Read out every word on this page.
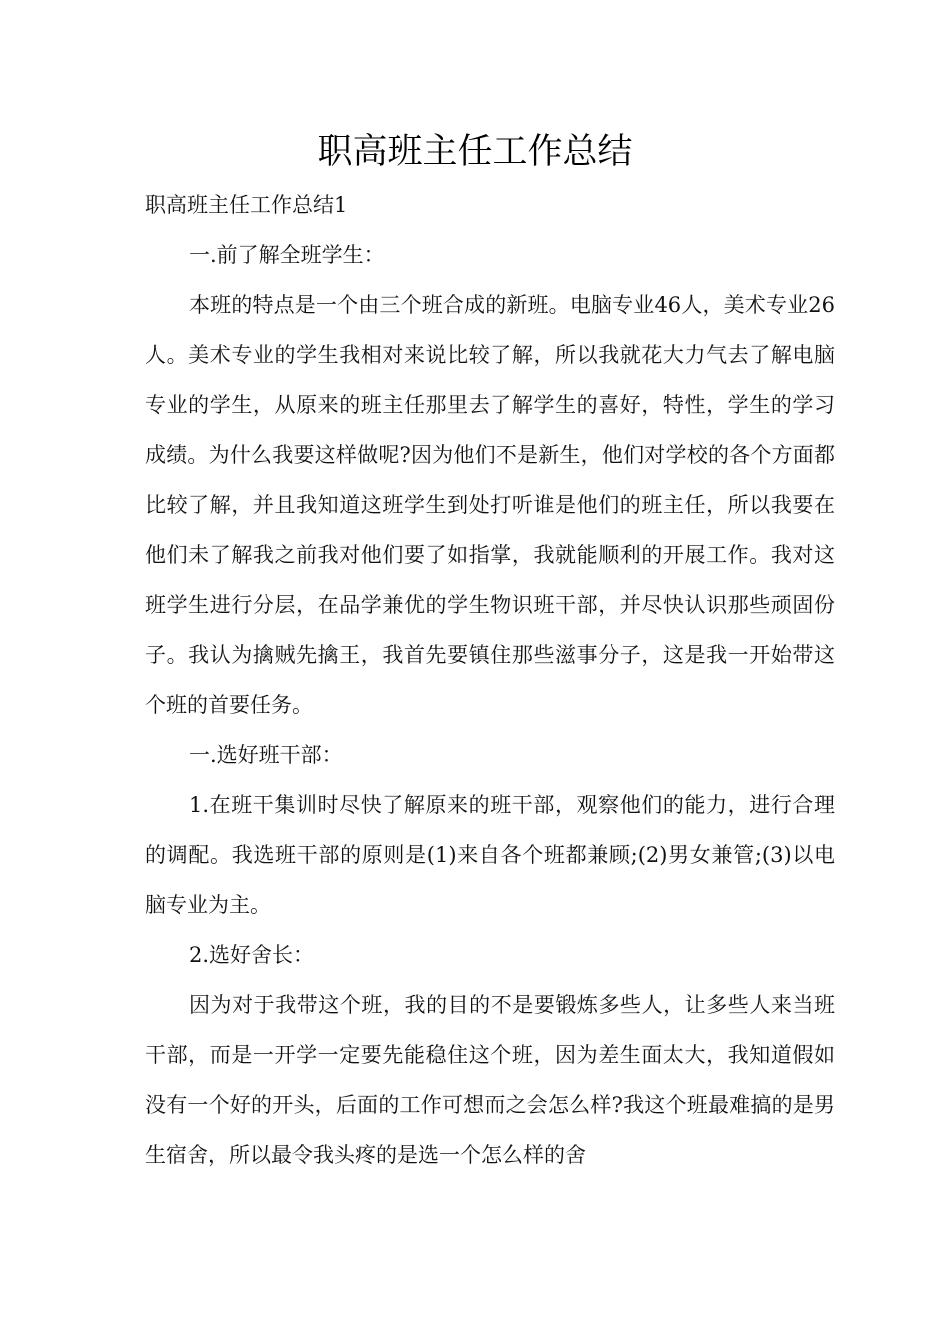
职高班主任工作总结

职高班主任工作总结1

一.前了解全班学生：

本班的特点是一个由三个班合成的新班。电脑专业46人，美术专业26人。美术专业的学生我相对来说比较了解，所以我就花大力气去了解电脑专业的学生，从原来的班主任那里去了解学生的喜好，特性，学生的学习成绩。为什么我要这样做呢?因为他们不是新生，他们对学校的各个方面都比较了解，并且我知道这班学生到处打听谁是他们的班主任，所以我要在他们未了解我之前我对他们要了如指掌，我就能顺利的开展工作。我对这班学生进行分层，在品学兼优的学生物识班干部，并尽快认识那些顽固份子。我认为擒贼先擒王，我首先要镇住那些滋事分子，这是我一开始带这个班的首要任务。

一.选好班干部：

1.在班干集训时尽快了解原来的班干部，观察他们的能力，进行合理的调配。我选班干部的原则是(1)来自各个班都兼顾;(2)男女兼管;(3)以电脑专业为主。

2.选好舍长：

因为对于我带这个班，我的目的不是要锻炼多些人，让多些人来当班干部，而是一开学一定要先能稳住这个班，因为差生面太大，我知道假如没有一个好的开头，后面的工作可想而之会怎么样?我这个班最难搞的是男生宿舍，所以最令我头疼的是选一个怎么样的舍
